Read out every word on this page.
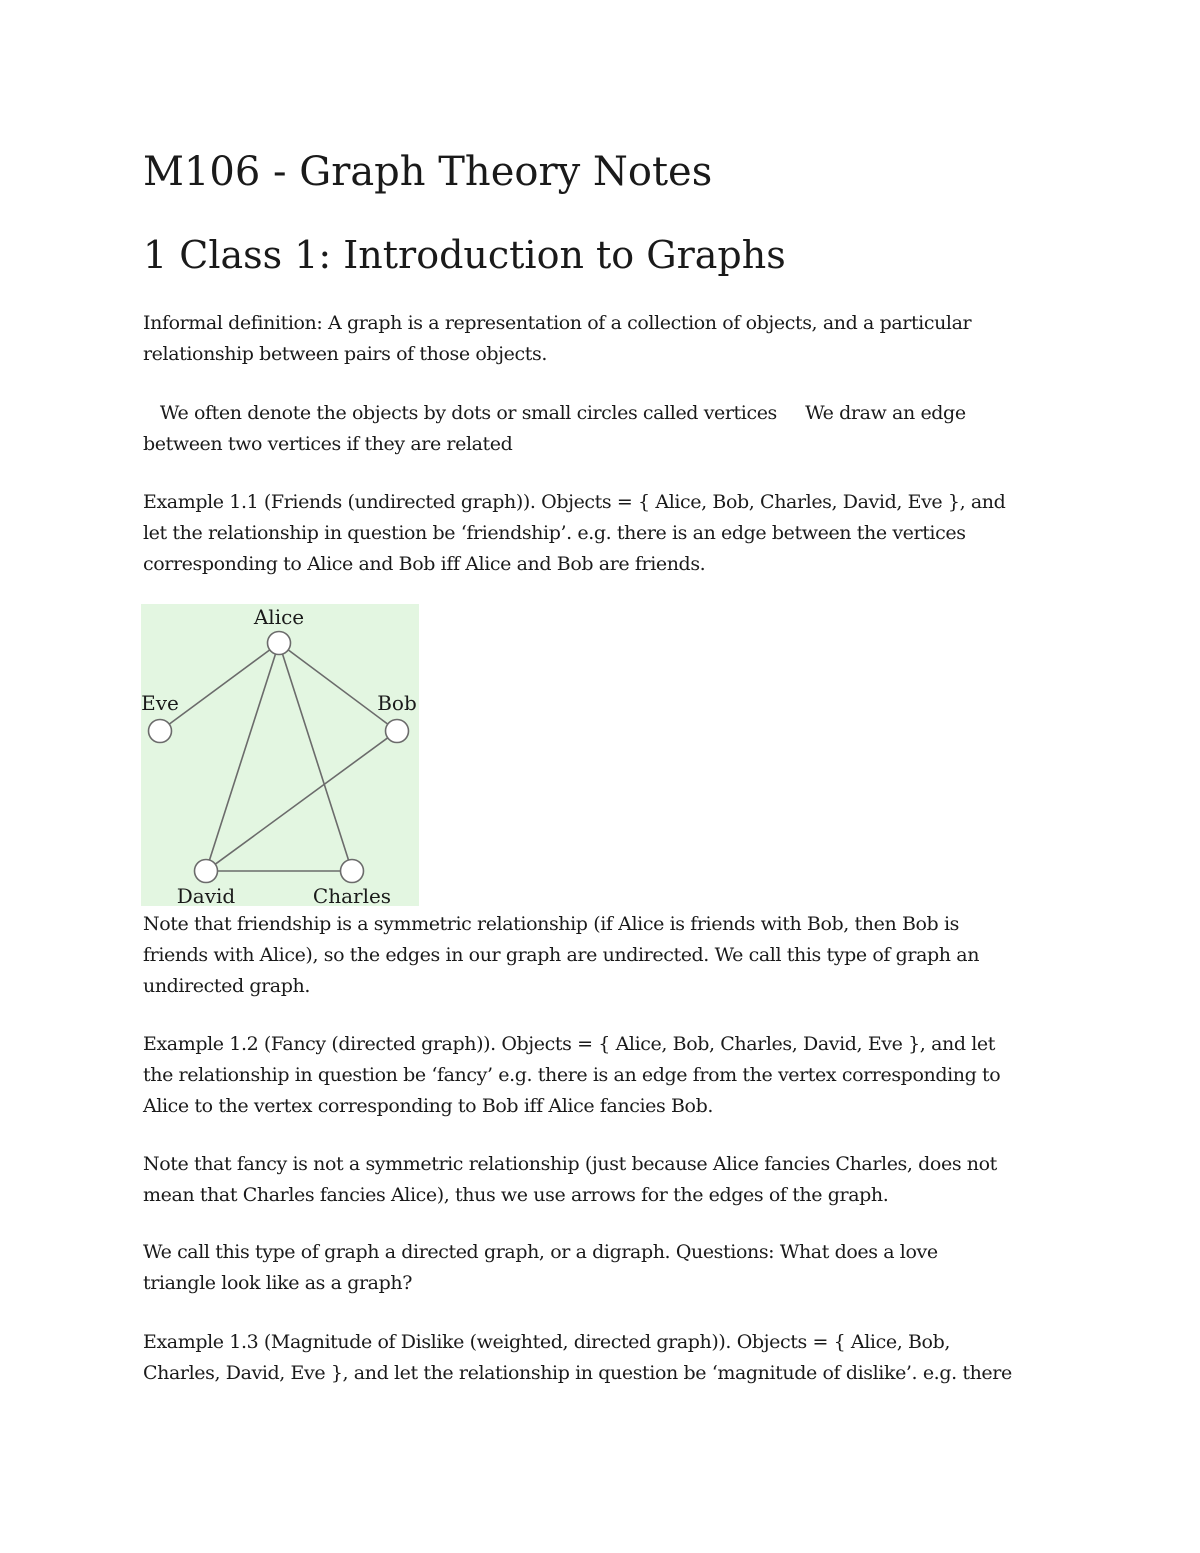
M106 - Graph Theory Notes
1 Class 1: Introduction to Graphs

Informal definition: A graph is a representation of a collection of objects, and a particular
relationship between pairs of those objects.

We often denote the objects by dots or small circles called vertices     We draw an edge
between two vertices if they are related

Example 1.1 (Friends (undirected graph)). Objects = { Alice, Bob, Charles, David, Eve }, and
let the relationship in question be ‘friendship’. e.g. there is an edge between the vertices
corresponding to Alice and Bob iff Alice and Bob are friends.

Alice
Bob
Eve
David	Charles

Note that friendship is a symmetric relationship (if Alice is friends with Bob, then Bob is
friends with Alice), so the edges in our graph are undirected. We call this type of graph an
undirected graph.

Example 1.2 (Fancy (directed graph)). Objects = { Alice, Bob, Charles, David, Eve }, and let
the relationship in question be ‘fancy’ e.g. there is an edge from the vertex corresponding to
Alice to the vertex corresponding to Bob iff Alice fancies Bob.

Note that fancy is not a symmetric relationship (just because Alice fancies Charles, does not
mean that Charles fancies Alice), thus we use arrows for the edges of the graph.

We call this type of graph a directed graph, or a digraph. Questions: What does a love
triangle look like as a graph?

Example 1.3 (Magnitude of Dislike (weighted, directed graph)). Objects = { Alice, Bob,
Charles, David, Eve }, and let the relationship in question be ‘magnitude of dislike’. e.g. there
